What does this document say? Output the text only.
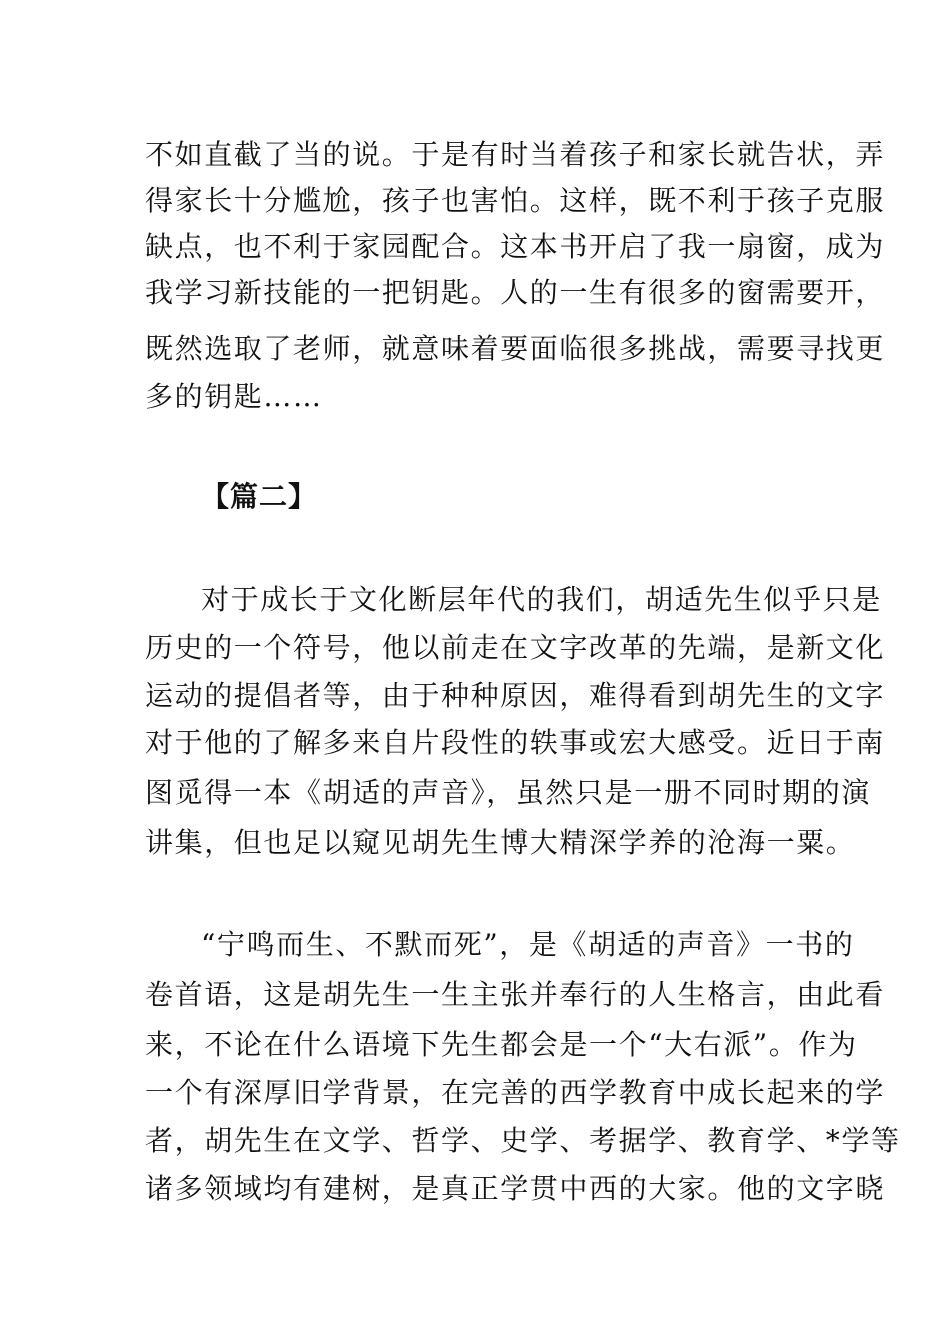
不如直截了当的说。于是有时当着孩子和家长就告状，弄
得家长十分尴尬，孩子也害怕。这样，既不利于孩子克服
缺点，也不利于家园配合。这本书开启了我一扇窗，成为
我学习新技能的一把钥匙。人的一生有很多的窗需要开，
既然选取了老师，就意味着要面临很多挑战，需要寻找更
多的钥匙……
【篇二】
对于成长于文化断层年代的我们，胡适先生似乎只是
历史的一个符号，他以前走在文字改革的先端，是新文化
运动的提倡者等，由于种种原因，难得看到胡先生的文字
对于他的了解多来自片段性的轶事或宏大感受。近日于南
图觅得一本《胡适的声音》，虽然只是一册不同时期的演
讲集，但也足以窥见胡先生博大精深学养的沧海一粟。
“宁鸣而生、不默而死”，是《胡适的声音》一书的
卷首语，这是胡先生一生主张并奉行的人生格言，由此看
来，不论在什么语境下先生都会是一个“大右派”。作为
一个有深厚旧学背景，在完善的西学教育中成长起来的学
者，胡先生在文学、哲学、史学、考据学、教育学、*学等
诸多领域均有建树，是真正学贯中西的大家。他的文字晓
